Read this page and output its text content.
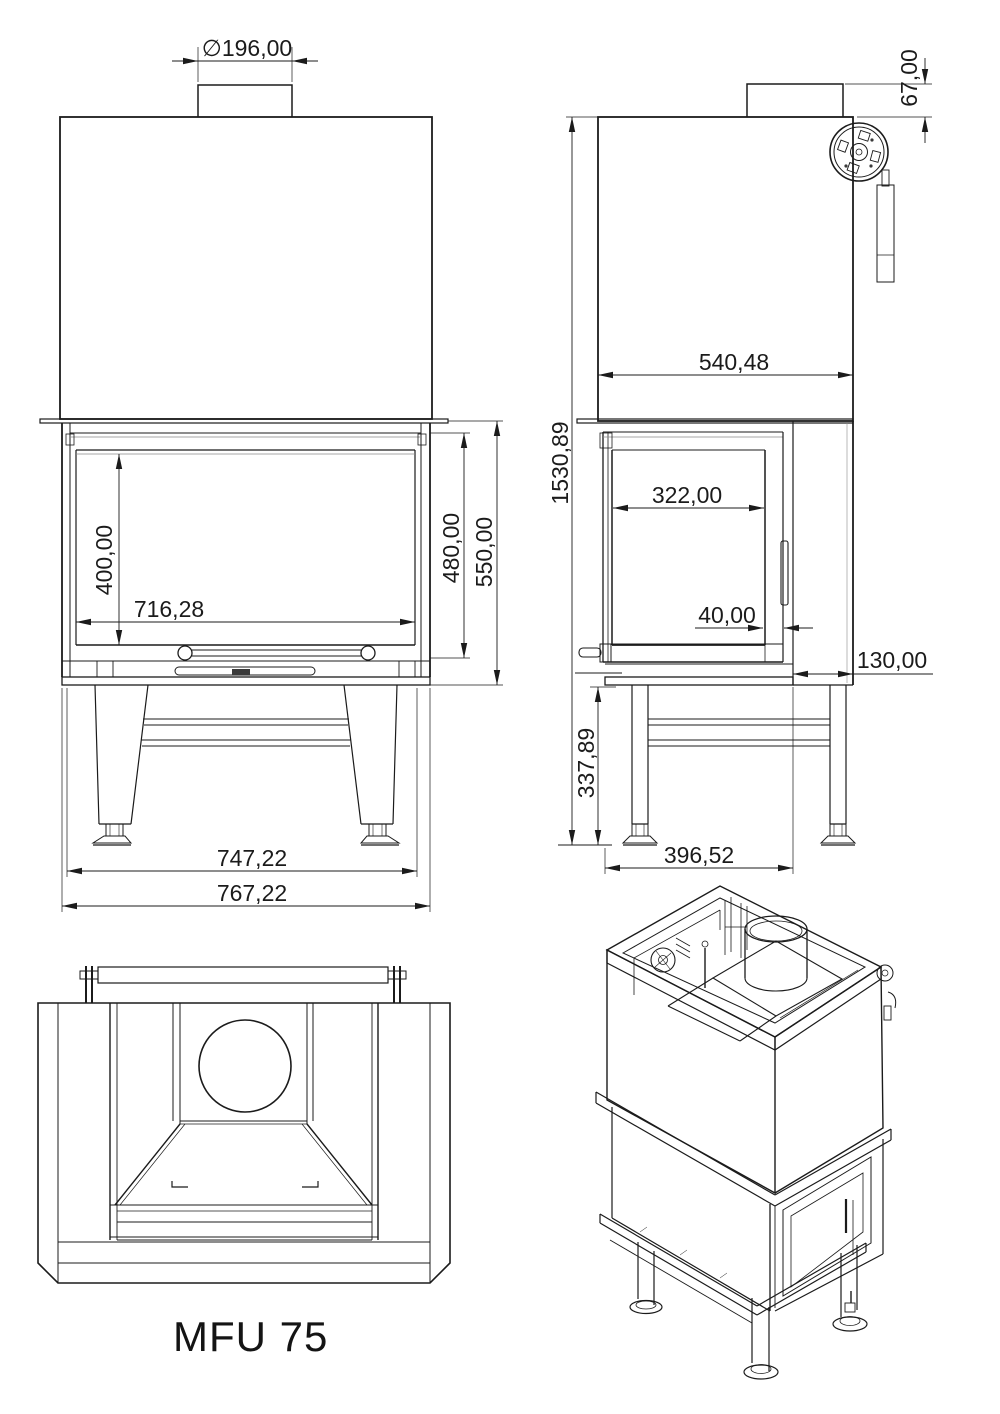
∅196,00
400,00
716,28
480,00 550,00
747,22
767,22
67,00
540,48
1530,89	322,00
40,00
130,00
337,89
396,52
MFU 75
